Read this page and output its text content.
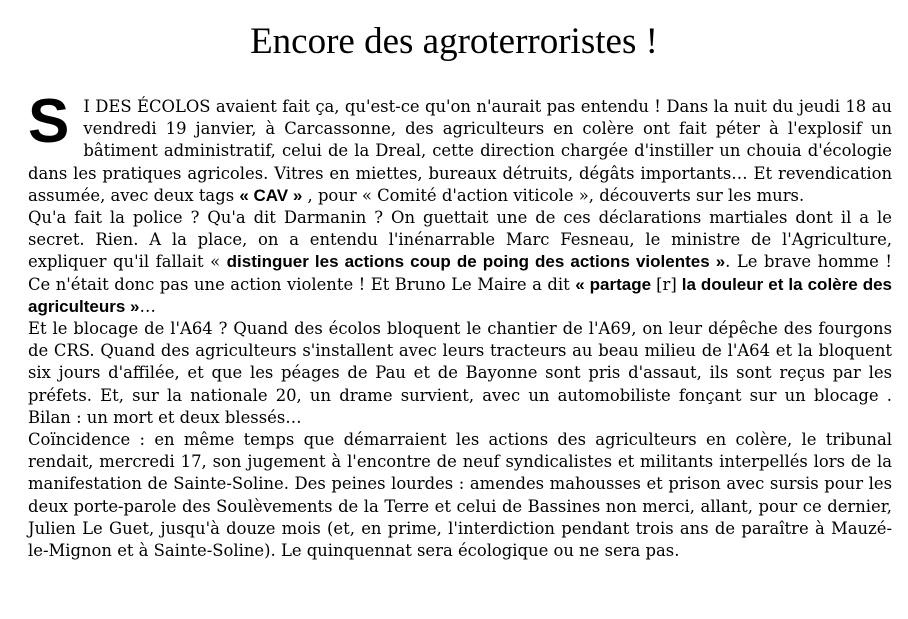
Encore des agroterroristes !

S I DES ÉCOLOS avaient fait ça, qu'est-ce qu'on n'aurait pas entendu ! Dans la nuit du jeudi 18 au vendredi 19 janvier, à Carcassonne, des agriculteurs en colère ont fait péter à l'explosif un bâtiment administratif, celui de la Dreal, cette direction chargée d'instiller un chouia d'écologie dans les pratiques agricoles. Vitres en miettes, bureaux détruits, dégâts importants… Et revendication assumée, avec deux tags « CAV » , pour « Comité d'action viticole », découverts sur les murs.

Qu'a fait la police ? Qu'a dit Darmanin ? On guettait une de ces déclarations martiales dont il a le secret. Rien. A la place, on a entendu l'inénarrable Marc Fesneau, le ministre de l'Agriculture, expliquer qu'il fallait « distinguer les actions coup de poing des actions violentes ». Le brave homme ! Ce n'était donc pas une action violente ! Et Bruno Le Maire a dit « partage [r] la douleur et la colère des agriculteurs »…

Et le blocage de l'A64 ? Quand des écolos bloquent le chantier de l'A69, on leur dépêche des fourgons de CRS. Quand des agriculteurs s'installent avec leurs tracteurs au beau milieu de l'A64 et la bloquent six jours d'affilée, et que les péages de Pau et de Bayonne sont pris d'assaut, ils sont reçus par les préfets. Et, sur la nationale 20, un drame survient, avec un automobiliste fonçant sur un blocage . Bilan : un mort et deux blessés…

Coïncidence : en même temps que démarraient les actions des agriculteurs en colère, le tribunal rendait, mercredi 17, son jugement à l'encontre de neuf syndicalistes et militants interpellés lors de la manifestation de Sainte-Soline. Des peines lourdes : amendes mahousses et prison avec sursis pour les deux porte-parole des Soulèvements de la Terre et celui de Bassines non merci, allant, pour ce dernier, Julien Le Guet, jusqu'à douze mois (et, en prime, l'interdiction pendant trois ans de paraître à Mauzé-le-Mignon et à Sainte-Soline). Le quinquennat sera écologique ou ne sera pas.
